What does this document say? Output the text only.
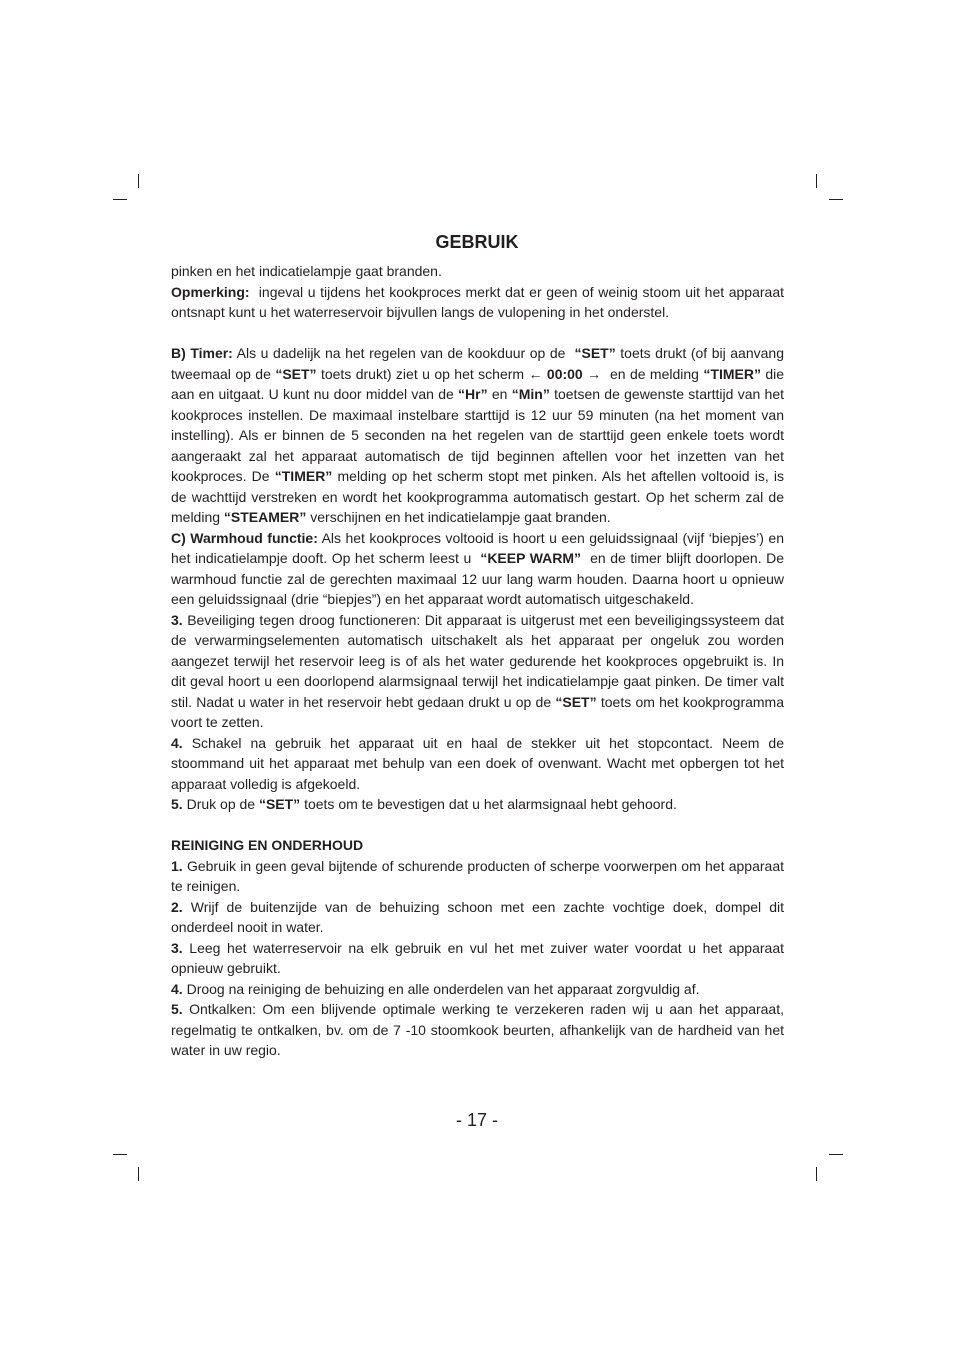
GEBRUIK

pinken en het indicatielampje gaat branden.

Opmerking: ingeval u tijdens het kookproces merkt dat er geen of weinig stoom uit het apparaat ontsnapt kunt u het waterreservoir bijvullen langs de vulopening in het onderstel.

B) Timer: Als u dadelijk na het regelen van de kookduur op de “SET” toets drukt (of bij aanvang tweemaal op de “SET” toets drukt) ziet u op het scherm ← 00:00 → en de melding “TIMER” die aan en uitgaat. U kunt nu door middel van de “Hr” en “Min” toetsen de gewenste starttijd van het kookproces instellen. De maximaal instelbare starttijd is 12 uur 59 minuten (na het moment van instelling). Als er binnen de 5 seconden na het regelen van de starttijd geen enkele toets wordt aangeraakt zal het apparaat automatisch de tijd beginnen aftellen voor het inzetten van het kookproces. De “TIMER” melding op het scherm stopt met pinken. Als het aftellen voltooid is, is de wachttijd verstreken en wordt het kookprogramma automatisch gestart. Op het scherm zal de melding “STEAMER” verschijnen en het indicatielampje gaat branden.

C) Warmhoud functie: Als het kookproces voltooid is hoort u een geluidssignaal (vijf ‘biepjes’) en het indicatielampje dooft. Op het scherm leest u “KEEP WARM” en de timer blijft doorlopen. De warmhoud functie zal de gerechten maximaal 12 uur lang warm houden. Daarna hoort u opnieuw een geluidssignaal (drie “biepjes”) en het apparaat wordt automatisch uitgeschakeld.

3. Beveiliging tegen droog functioneren: Dit apparaat is uitgerust met een beveiligingssysteem dat de verwarmingselementen automatisch uitschakelt als het apparaat per ongeluk zou worden aangezet terwijl het reservoir leeg is of als het water gedurende het kookproces opgebruikt is. In dit geval hoort u een doorlopend alarmsignaal terwijl het indicatielampje gaat pinken. De timer valt stil. Nadat u water in het reservoir hebt gedaan drukt u op de “SET” toets om het kookprogramma voort te zetten.

4. Schakel na gebruik het apparaat uit en haal de stekker uit het stopcontact. Neem de stoommand uit het apparaat met behulp van een doek of ovenwant. Wacht met opbergen tot het apparaat volledig is afgekoeld.

5. Druk op de “SET” toets om te bevestigen dat u het alarmsignaal hebt gehoord.

REINIGING EN ONDERHOUD

1. Gebruik in geen geval bijtende of schurende producten of scherpe voorwerpen om het apparaat te reinigen.

2. Wrijf de buitenzijde van de behuizing schoon met een zachte vochtige doek, dompel dit onderdeel nooit in water.

3. Leeg het waterreservoir na elk gebruik en vul het met zuiver water voordat u het apparaat opnieuw gebruikt.

4. Droog na reiniging de behuizing en alle onderdelen van het apparaat zorgvuldig af.

5. Ontkalken: Om een blijvende optimale werking te verzekeren raden wij u aan het apparaat, regelmatig te ontkalken, bv. om de 7 -10 stoomkook beurten, afhankelijk van de hardheid van het water in uw regio.

- 17 -
